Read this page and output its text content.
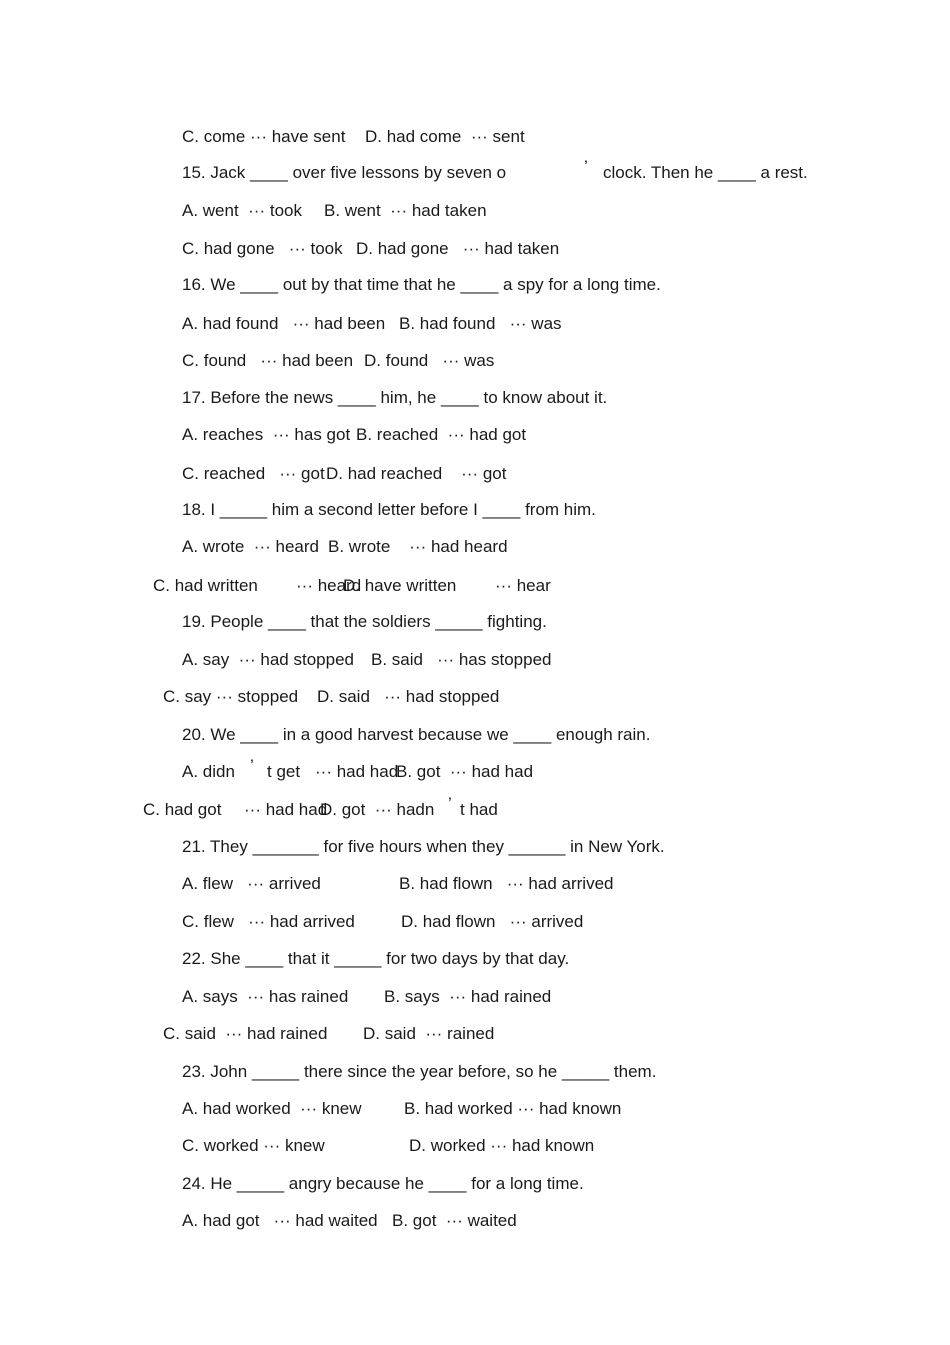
C. come ··· have sent

D. had come  ··· sent

15. Jack ____ over five lessons by seven o

	’

clock. Then he ____ a rest.

A. went  ··· took

B. went  ··· had taken

C. had gone   ··· took

D. had gone   ··· had taken

16. We ____ out by that time that he ____ a spy for a long time.

A. had found   ··· had been

B. had found   ··· was

C. found   ··· had been

D. found   ··· was

17. Before the news ____ him, he ____ to know about it.

A. reaches  ··· has got

B. reached  ··· had got

C. reached   ··· got

D. had reached    ··· got

18. I _____ him a second letter before I ____ from him.

A. wrote  ··· heard

B. wrote    ··· had heard

C. had written

··· heard

D. have written

··· hear

19. People ____ that the soldiers _____ fighting.

A. say  ··· had stopped

B. said   ··· has stopped

C. say ··· stopped

D. said   ··· had stopped

20. We ____ in a good harvest because we ____ enough rain.

A. didn

’

t get

··· had had

B. got  ··· had had

C. had got

··· had had

D. got  ··· hadn

’

t had

21. They _______ for five hours when they ______ in New York.

A. flew   ··· arrived

	B. had flown   ··· had arrived

C. flew   ··· had arrived

	D. had flown   ··· arrived

22. She ____ that it _____ for two days by that day.

A. says  ··· has rained

B. says  ··· had rained

C. said  ··· had rained

D. said  ··· rained

23. John _____ there since the year before, so he _____ them.

A. had worked  ··· knew

B. had worked ··· had known

C. worked ··· knew

	D. worked ··· had known

24. He _____ angry because he ____ for a long time.

A. had got   ··· had waited

B. got  ··· waited
